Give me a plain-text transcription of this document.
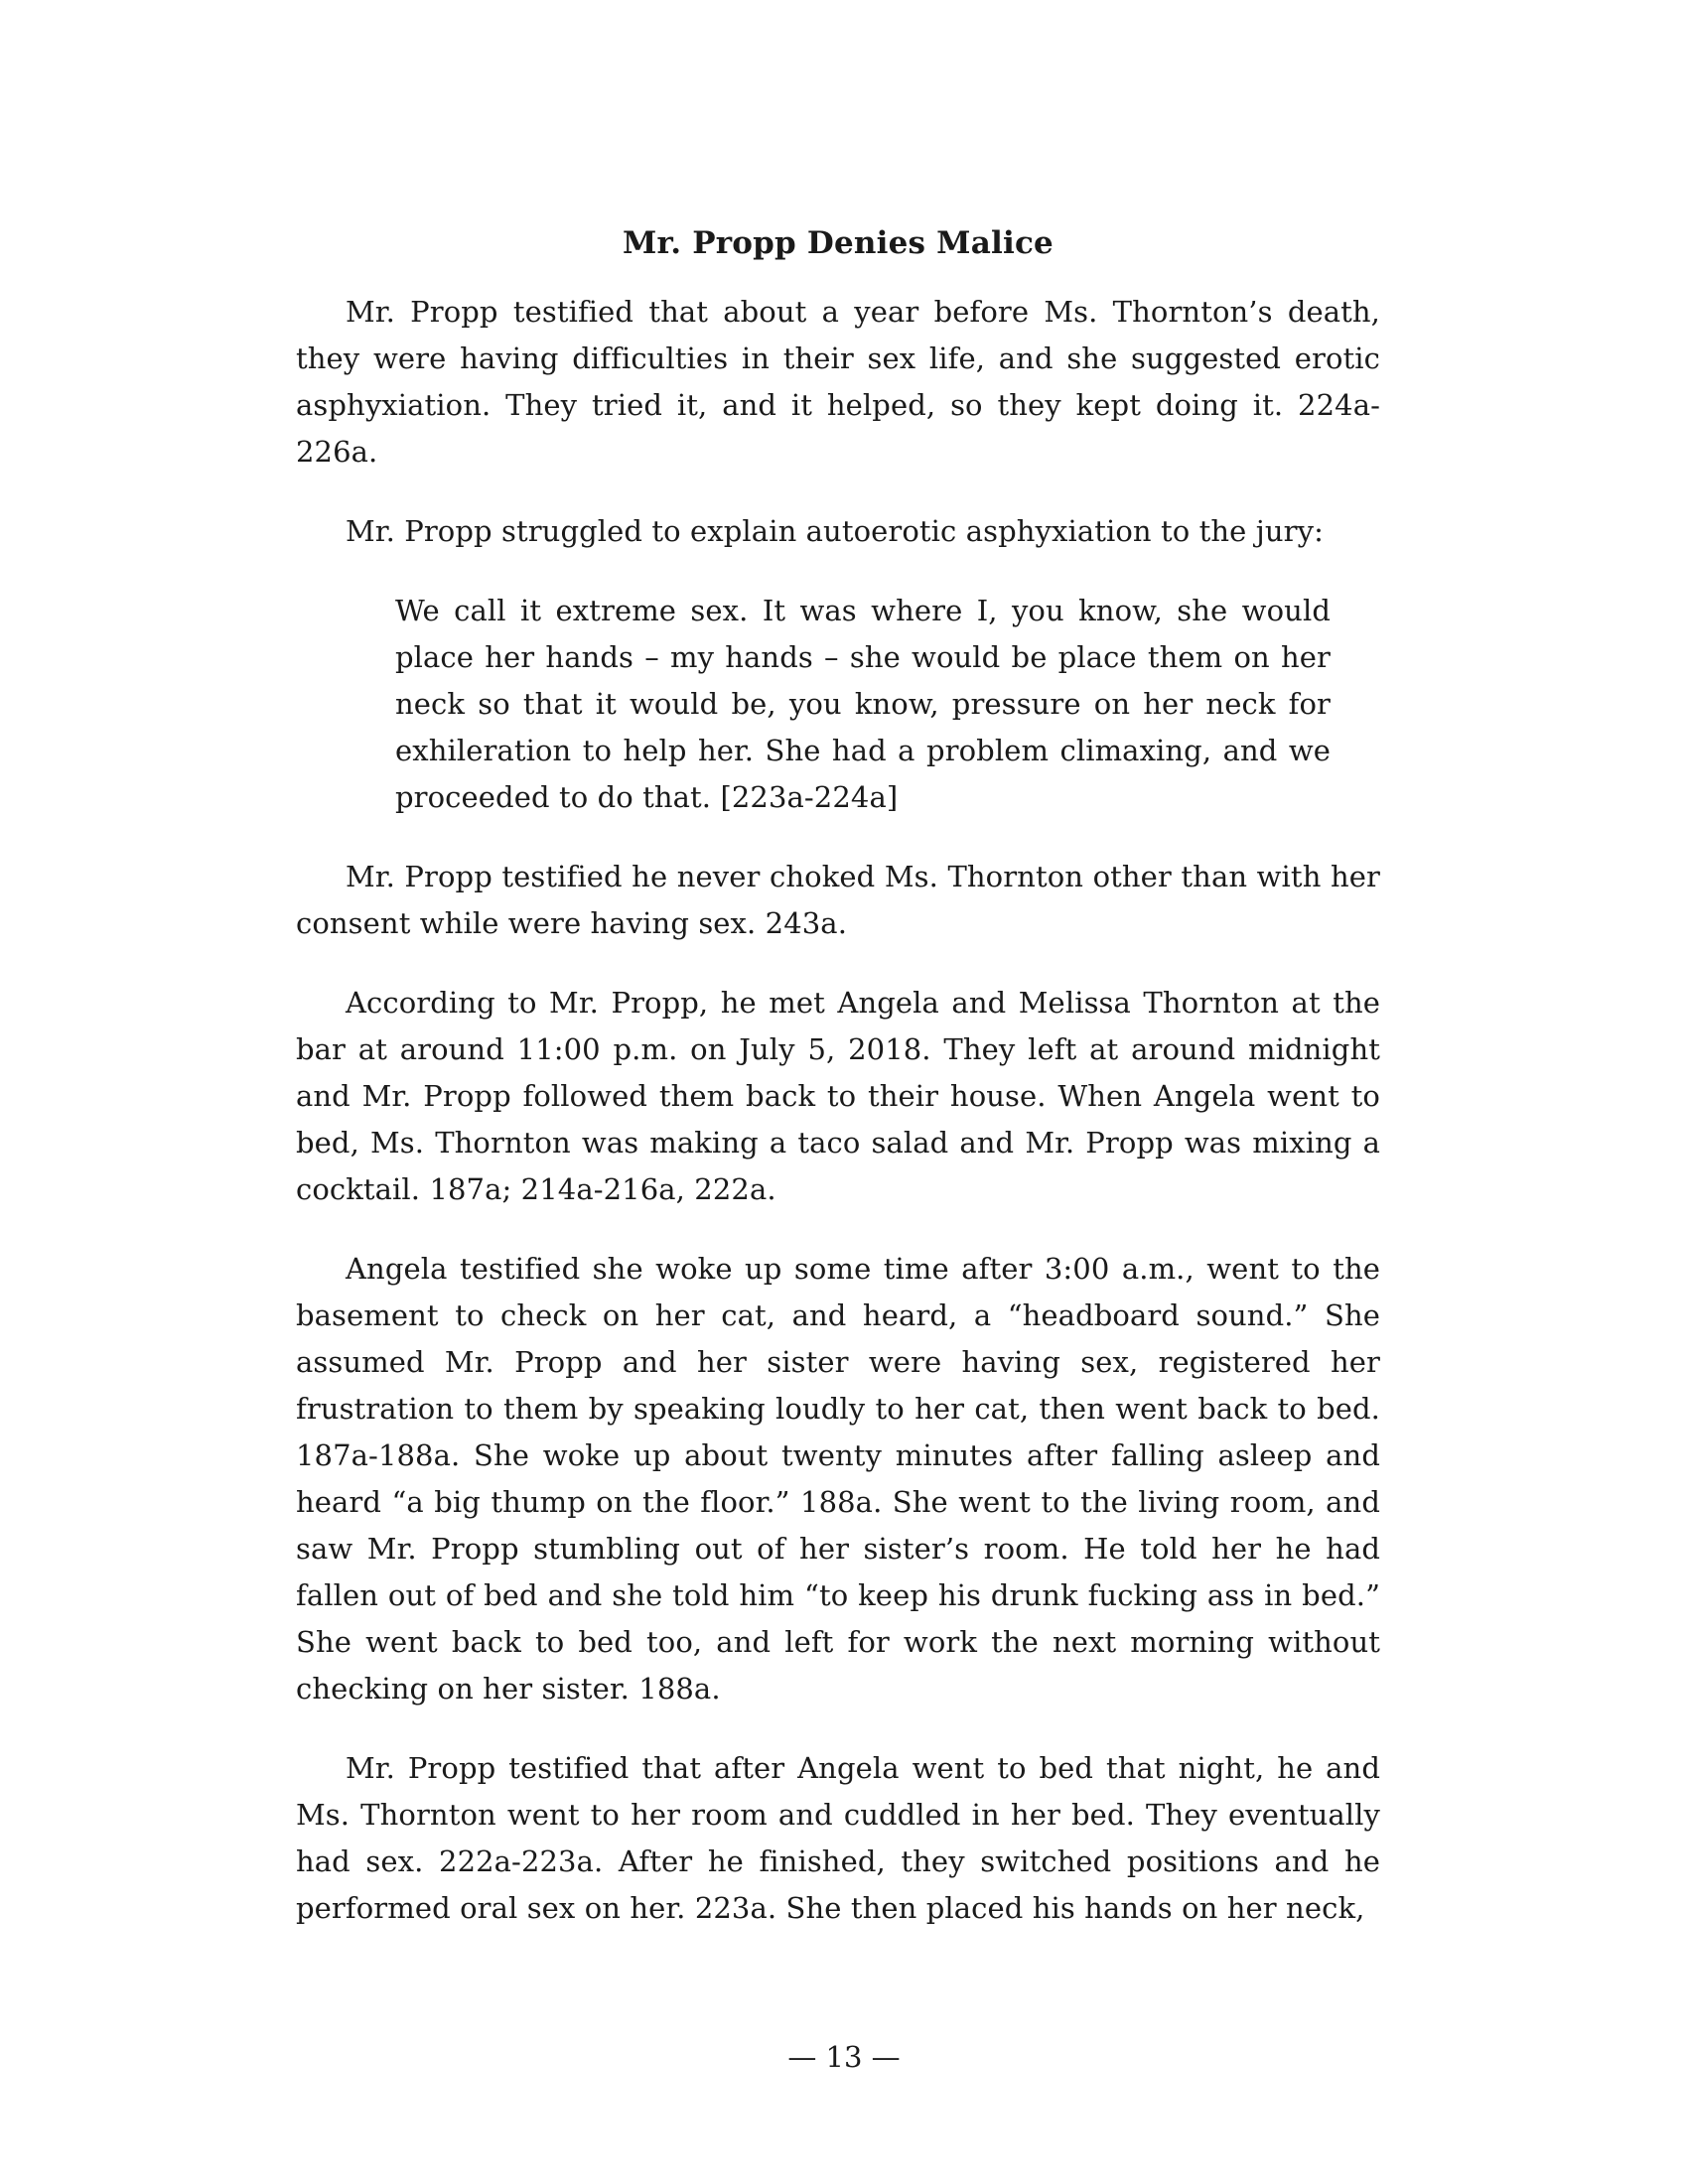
Mr. Propp Denies Malice

Mr. Propp testified that about a year before Ms. Thornton’s death, they were having difficulties in their sex life, and she suggested erotic asphyxiation. They tried it, and it helped, so they kept doing it. 224a-226a.

Mr. Propp struggled to explain autoerotic asphyxiation to the jury:

We call it extreme sex. It was where I, you know, she would place her hands – my hands – she would be place them on her neck so that it would be, you know, pressure on her neck for exhileration to help her. She had a problem climaxing, and we proceeded to do that. [223a-224a]

Mr. Propp testified he never choked Ms. Thornton other than with her consent while were having sex. 243a.

According to Mr. Propp, he met Angela and Melissa Thornton at the bar at around 11:00 p.m. on July 5, 2018. They left at around midnight and Mr. Propp followed them back to their house. When Angela went to bed, Ms. Thornton was making a taco salad and Mr. Propp was mixing a cocktail. 187a; 214a-216a, 222a.

Angela testified she woke up some time after 3:00 a.m., went to the basement to check on her cat, and heard, a “headboard sound.” She assumed Mr. Propp and her sister were having sex, registered her frustration to them by speaking loudly to her cat, then went back to bed. 187a-188a. She woke up about twenty minutes after falling asleep and heard “a big thump on the floor.” 188a. She went to the living room, and saw Mr. Propp stumbling out of her sister’s room. He told her he had fallen out of bed and she told him “to keep his drunk fucking ass in bed.” She went back to bed too, and left for work the next morning without checking on her sister. 188a.

Mr. Propp testified that after Angela went to bed that night, he and Ms. Thornton went to her room and cuddled in her bed. They eventually had sex. 222a-223a. After he finished, they switched positions and he performed oral sex on her. 223a. She then placed his hands on her neck,

— 13 —
